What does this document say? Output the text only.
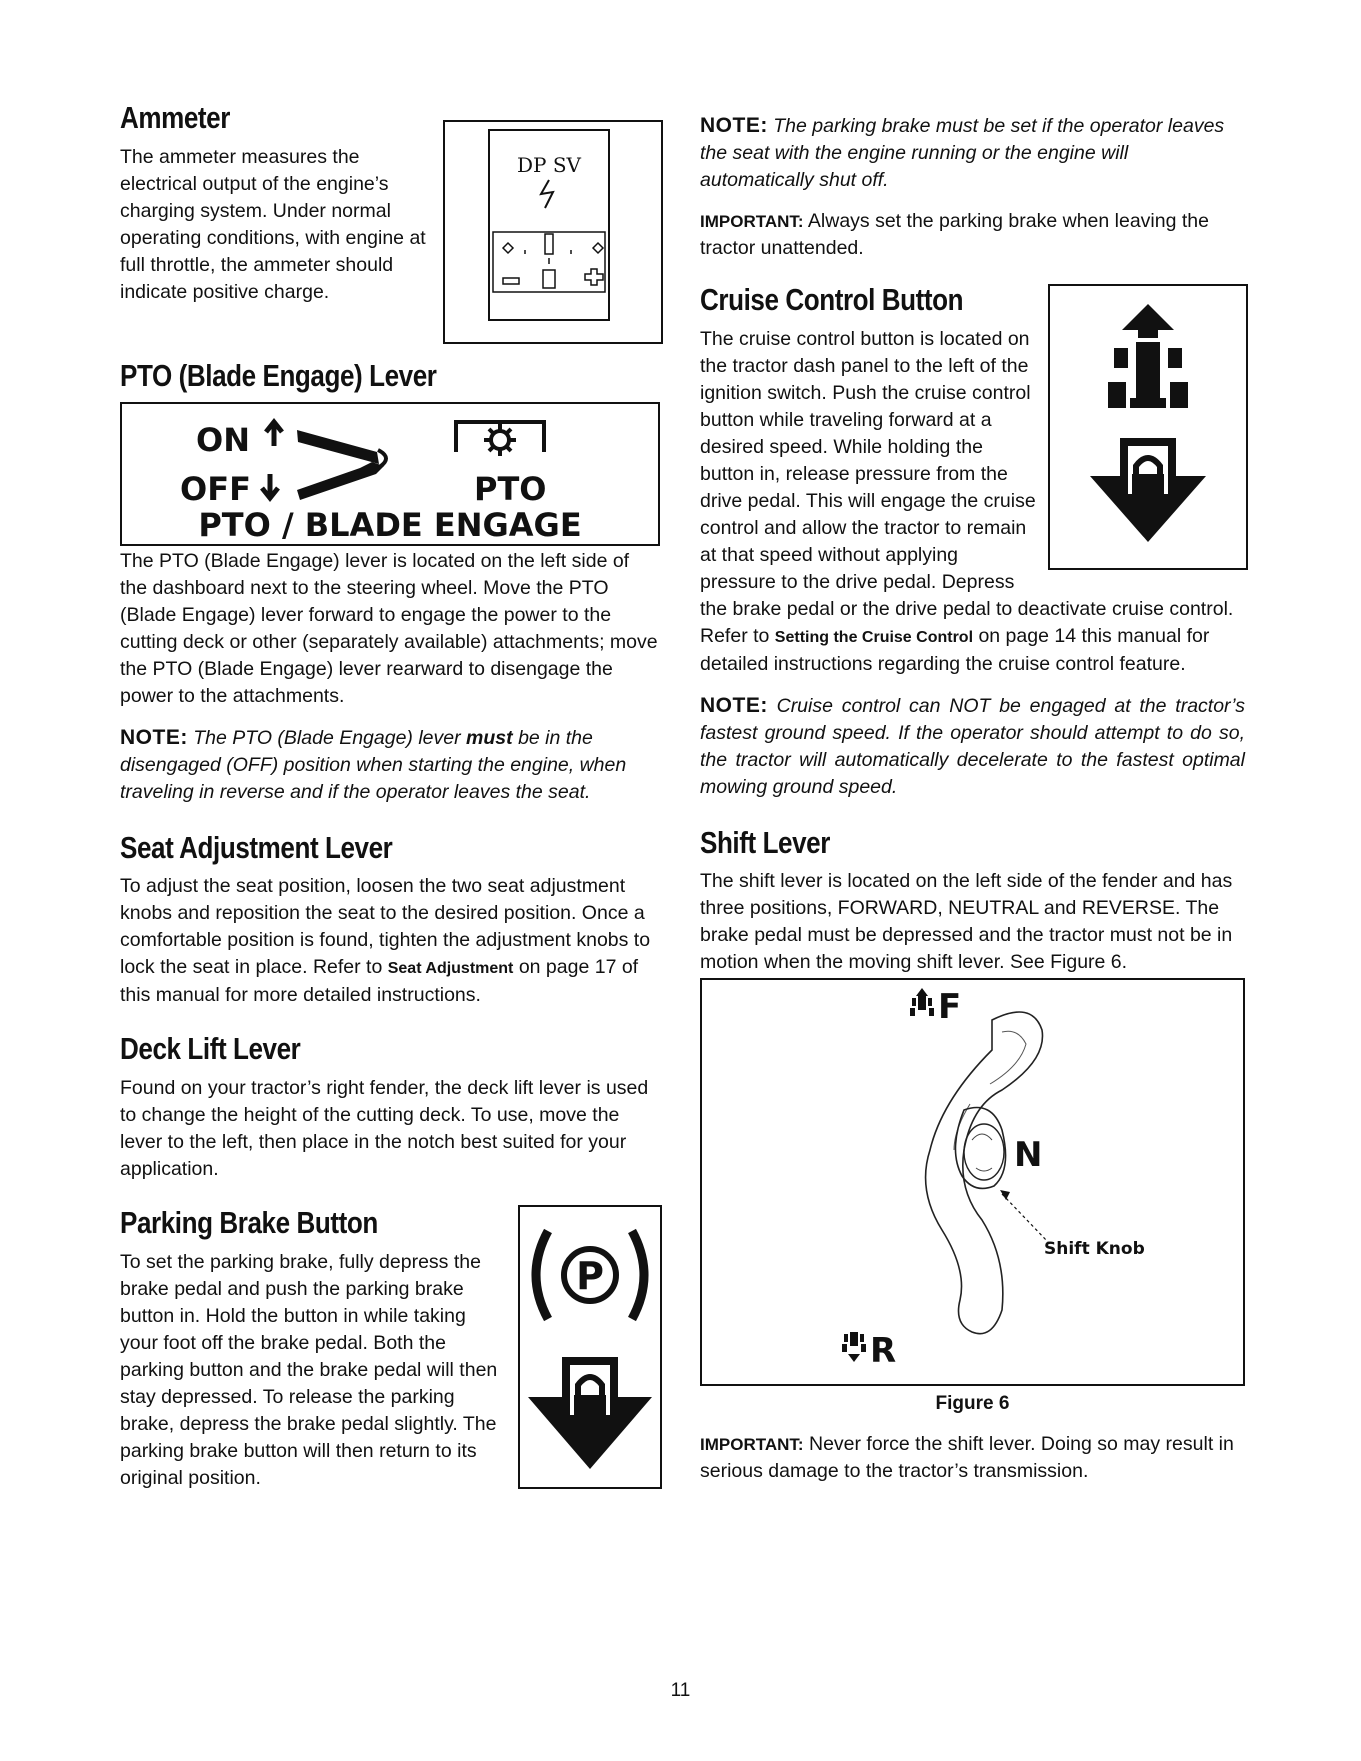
DP SV
Ammeter

The ammeter measures the electrical output of the engine’s charging system. Under normal operating conditions, with engine at full throttle, the ammeter should indicate positive charge.

PTO (Blade Engage) Lever
ON
OFF	PTO
PTO / BLADE ENGAGE

The PTO (Blade Engage) lever is located on the left side of the dashboard next to the steering wheel. Move the PTO (Blade Engage) lever forward to engage the power to the cutting deck or other (separately available) attachments; move the PTO (Blade Engage) lever rearward to disengage the power to the attachments.

NOTE: The PTO (Blade Engage) lever must be in the disengaged (OFF) position when starting the engine, when traveling in reverse and if the operator leaves the seat.

Seat Adjustment Lever

To adjust the seat position, loosen the two seat adjustment knobs and reposition the seat to the desired position. Once a comfortable position is found, tighten the adjustment knobs to lock the seat in place. Refer to Seat Adjustment on page 17 of this manual for more detailed instructions.

Deck Lift Lever

Found on your tractor’s right fender, the deck lift lever is used to change the height of the cutting deck. To use, move the lever to the left, then place in the notch best suited for your application.

P
Parking Brake Button

To set the parking brake, fully depress the brake pedal and push the parking brake button in. Hold the button in while taking your foot off the brake pedal. Both the parking button and the brake pedal will then stay depressed. To release the parking brake, depress the brake pedal slightly. The parking brake button will then return to its original position.

NOTE: The parking brake must be set if the operator leaves the seat with the engine running or the engine will automatically shut off.

IMPORTANT: Always set the parking brake when leaving the tractor unattended.

Cruise Control Button

The cruise control button is located on the tractor dash panel to the left of the ignition switch. Push the cruise control button while traveling forward at a desired speed. While holding the button in, release pressure from the drive pedal. This will engage the cruise control and allow the tractor to remain at that speed without applying pressure to the drive pedal. Depress the brake pedal or the drive pedal to deactivate cruise control. Refer to Setting the Cruise Control on page 14 this manual for detailed instructions regarding the cruise control feature.

NOTE: Cruise control can NOT be engaged at the tractor’s fastest ground speed. If the operator should attempt to do so, the tractor will automatically decelerate to the fastest optimal mowing ground speed.

Shift Lever

The shift lever is located on the left side of the fender and has three positions, FORWARD, NEUTRAL and REVERSE. The brake pedal must be depressed and the tractor must not be in motion when the moving shift lever. See Figure 6.

F
N
Shift Knob
R

Figure 6

IMPORTANT: Never force the shift lever. Doing so may result in serious damage to the tractor’s transmission.

11
